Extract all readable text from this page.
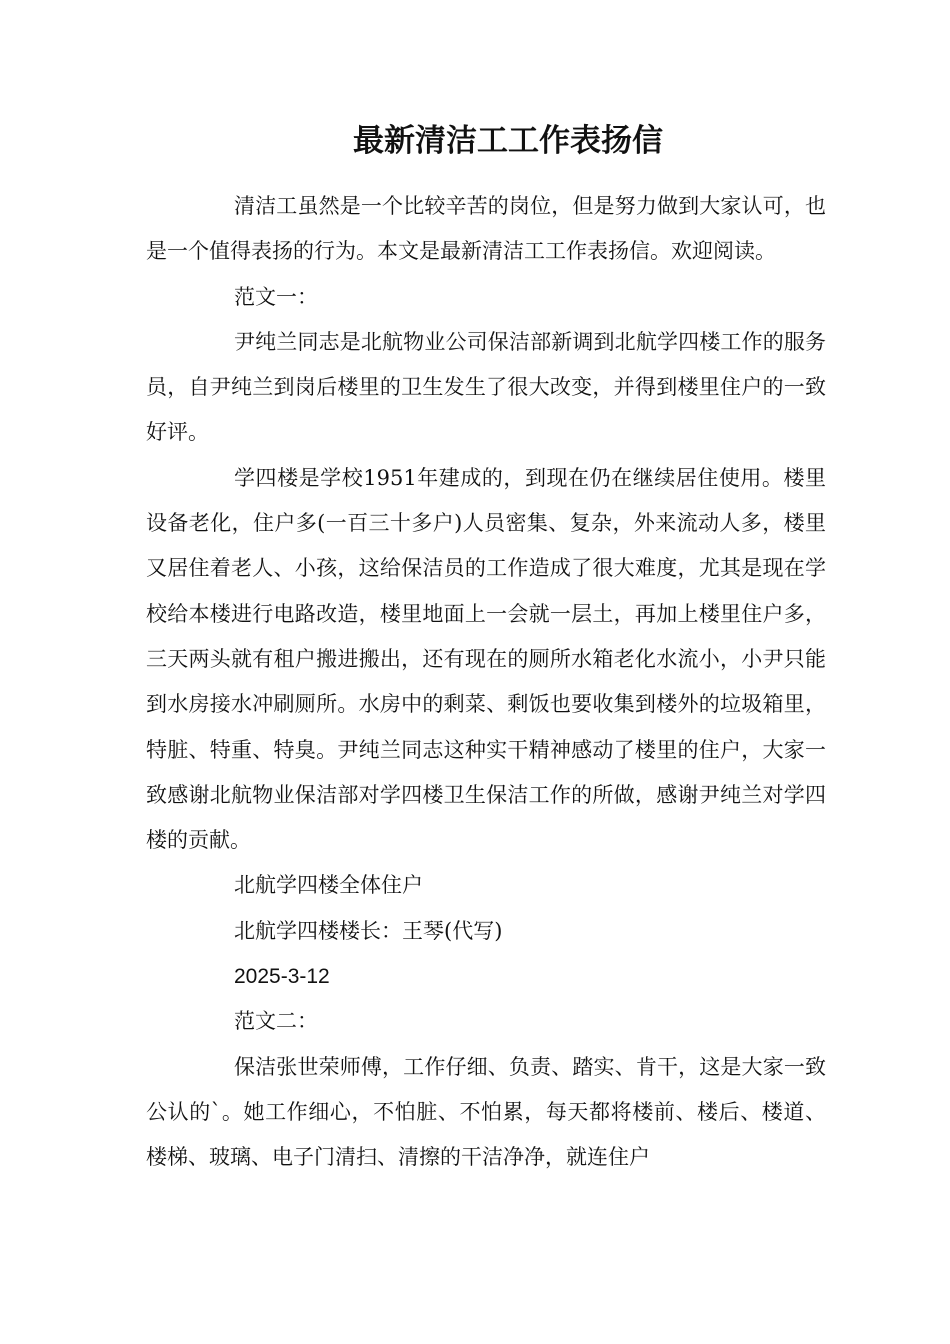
最新清洁工工作表扬信

清洁工虽然是一个比较辛苦的岗位，但是努力做到大家认可，也是一个值得表扬的行为。本文是最新清洁工工作表扬信。欢迎阅读。

范文一：

尹纯兰同志是北航物业公司保洁部新调到北航学四楼工作的服务员，自尹纯兰到岗后楼里的卫生发生了很大改变，并得到楼里住户的一致好评。

学四楼是学校1951年建成的，到现在仍在继续居住使用。楼里设备老化，住户多(一百三十多户)人员密集、复杂，外来流动人多，楼里又居住着老人、小孩，这给保洁员的工作造成了很大难度，尤其是现在学校给本楼进行电路改造，楼里地面上一会就一层土，再加上楼里住户多，三天两头就有租户搬进搬出，还有现在的厕所水箱老化水流小，小尹只能到水房接水冲刷厕所。水房中的剩菜、剩饭也要收集到楼外的垃圾箱里，特脏、特重、特臭。尹纯兰同志这种实干精神感动了楼里的住户，大家一致感谢北航物业保洁部对学四楼卫生保洁工作的所做，感谢尹纯兰对学四楼的贡献。

北航学四楼全体住户

北航学四楼楼长：王琴(代写)

2025-3-12

范文二：

保洁张世荣师傅，工作仔细、负责、踏实、肯干，这是大家一致公认的`。她工作细心，不怕脏、不怕累，每天都将楼前、楼后、楼道、楼梯、玻璃、电子门清扫、清擦的干洁净净，就连住户
